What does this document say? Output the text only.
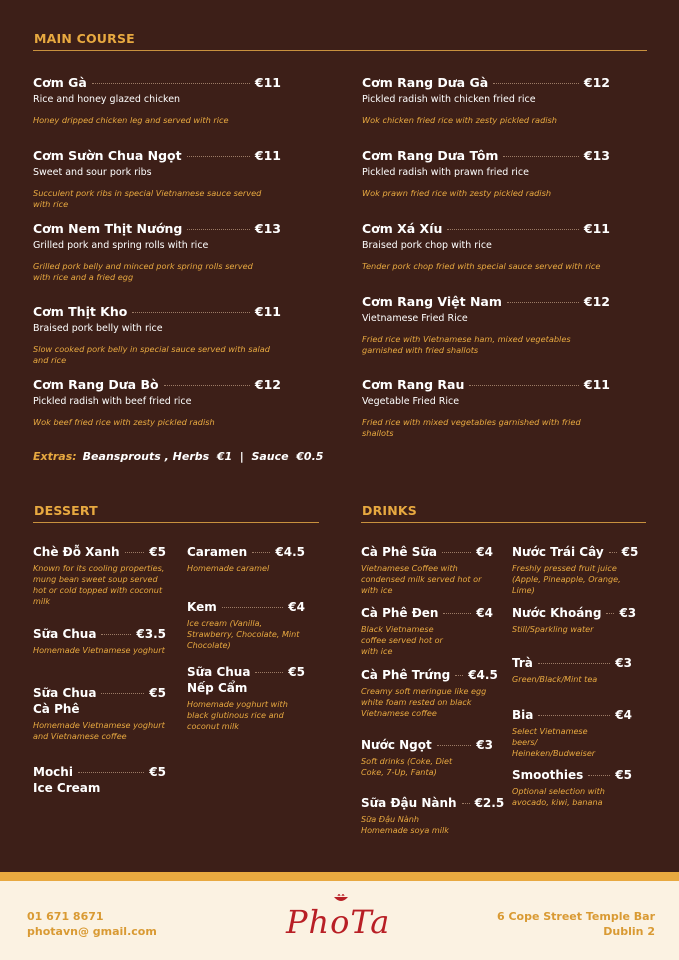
MAIN COURSE
Cơm Gà	€11
Rice and honey glazed chicken
Honey dripped chicken leg and served with rice
Cơm Sườn Chua Ngọt	€11
Sweet and sour pork ribs
Succulent pork ribs in special Vietnamese sauce served with rice
Cơm Nem Thịt Nướng	€13
Grilled pork and spring rolls with rice
Grilled pork belly and minced pork spring rolls served with rice and a fried egg
Cơm Thịt Kho	€11
Braised pork belly with rice
Slow cooked pork belly in special sauce served with salad and rice
Cơm Rang Dưa Bò	€12
Pickled radish with beef fried rice
Wok beef fried rice with zesty pickled radish
Cơm Rang Dưa Gà	€12
Pickled radish with chicken fried rice
Wok chicken fried rice with zesty pickled radish
Cơm Rang Dưa Tôm	€13
Pickled radish with prawn fried rice
Wok prawn fried rice with zesty pickled radish
Cơm Xá Xíu	€11
Braised pork chop with rice
Tender pork chop fried with special sauce served with rice
Cơm Rang Việt Nam	€12
Vietnamese Fried Rice
Fried rice with Vietnamese ham, mixed vegetables garnished with fried shallots
Cơm Rang Rau	€11
Vegetable Fried Rice
Fried rice with mixed vegetables garnished with fried shallots
Extras: Beansprouts , Herbs  €1  |  Sauce  €0.5
DESSERT
Chè Đỗ Xanh €5
Known for its cooling properties, mung bean sweet soup served hot or cold topped with coconut milk
Sữa Chua	€3.5
Homemade Vietnamese yoghurt
Sữa Chua	€5
Cà Phê
Homemade Vietnamese yoghurt and Vietnamese coffee
Mochi	€5
Ice Cream
Caramen €4.5
Homemade caramel
Kem	€4
Ice cream (Vanilla, Strawberry, Chocolate, Mint Chocolate)
Sữa Chua	€5
Nếp Cẩm
Homemade yoghurt with black glutinous rice and coconut milk
DRINKS
Cà Phê Sữa	€4
Vietnamese Coffee with condensed milk served hot or with ice
Cà Phê Đen	€4
Black Vietnamese coffee served hot or with ice
Cà Phê Trứng €4.5
Creamy soft meringue like egg white foam rested on black Vietnamese coffee
Nước Ngọt	€3
Soft drinks (Coke, Diet Coke, 7-Up, Fanta)
Sữa Đậu Nành €2.5
Sữa Đậu Nành Homemade soya milk
Nước Trái Cây €5
Freshly pressed fruit juice (Apple, Pineapple, Orange, Lime)
Nước Khoáng €3
Still/Sparkling water
Trà	€3
Green/Black/Mint tea
Bia	€4
Select Vietnamese beers/ Heineken/Budweiser
Smoothies	€5
Optional selection with avocado, kiwi, banana
01 671 8671
photavn@ gmail.com	PhoTa	6 Cope Street Temple Bar
Dublin 2
